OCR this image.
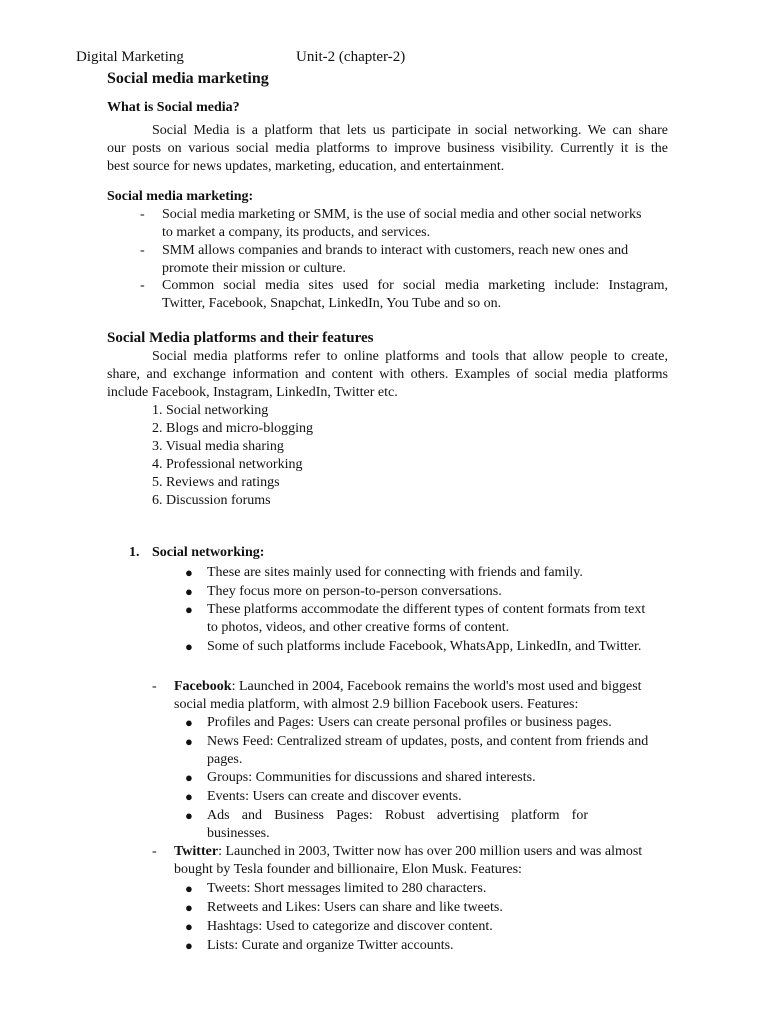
Digital Marketing	Unit-2 (chapter-2)
Social media marketing
What is Social media?
Social Media is a platform that lets us participate in social networking. We can share
our posts on various social media platforms to improve business visibility. Currently it is the
best source for news updates, marketing, education, and entertainment.
Social media marketing:
- Social media marketing or SMM, is the use of social media and other social networks
to market a company, its products, and services.
- SMM allows companies and brands to interact with customers, reach new ones and
promote their mission or culture.
- Common social media sites used for social media marketing include: Instagram,
Twitter, Facebook, Snapchat, LinkedIn, You Tube and so on.
Social Media platforms and their features
Social media platforms refer to online platforms and tools that allow people to create,
share, and exchange information and content with others. Examples of social media platforms
include Facebook, Instagram, LinkedIn, Twitter etc.
1. Social networking
2. Blogs and micro-blogging
3. Visual media sharing
4. Professional networking
5. Reviews and ratings
6. Discussion forums
1. Social networking:
● These are sites mainly used for connecting with friends and family.
● They focus more on person-to-person conversations.
● These platforms accommodate the different types of content formats from text
to photos, videos, and other creative forms of content.
● Some of such platforms include Facebook, WhatsApp, LinkedIn, and Twitter.
- Facebook: Launched in 2004, Facebook remains the world's most used and biggest
social media platform, with almost 2.9 billion Facebook users. Features:
● Profiles and Pages: Users can create personal profiles or business pages.
● News Feed: Centralized stream of updates, posts, and content from friends and
pages.
● Groups: Communities for discussions and shared interests.
● Events: Users can create and discover events.
● Ads and Business Pages: Robust advertising platform for
businesses.
- Twitter: Launched in 2003, Twitter now has over 200 million users and was almost
bought by Tesla founder and billionaire, Elon Musk. Features:
● Tweets: Short messages limited to 280 characters.
● Retweets and Likes: Users can share and like tweets.
● Hashtags: Used to categorize and discover content.
● Lists: Curate and organize Twitter accounts.
